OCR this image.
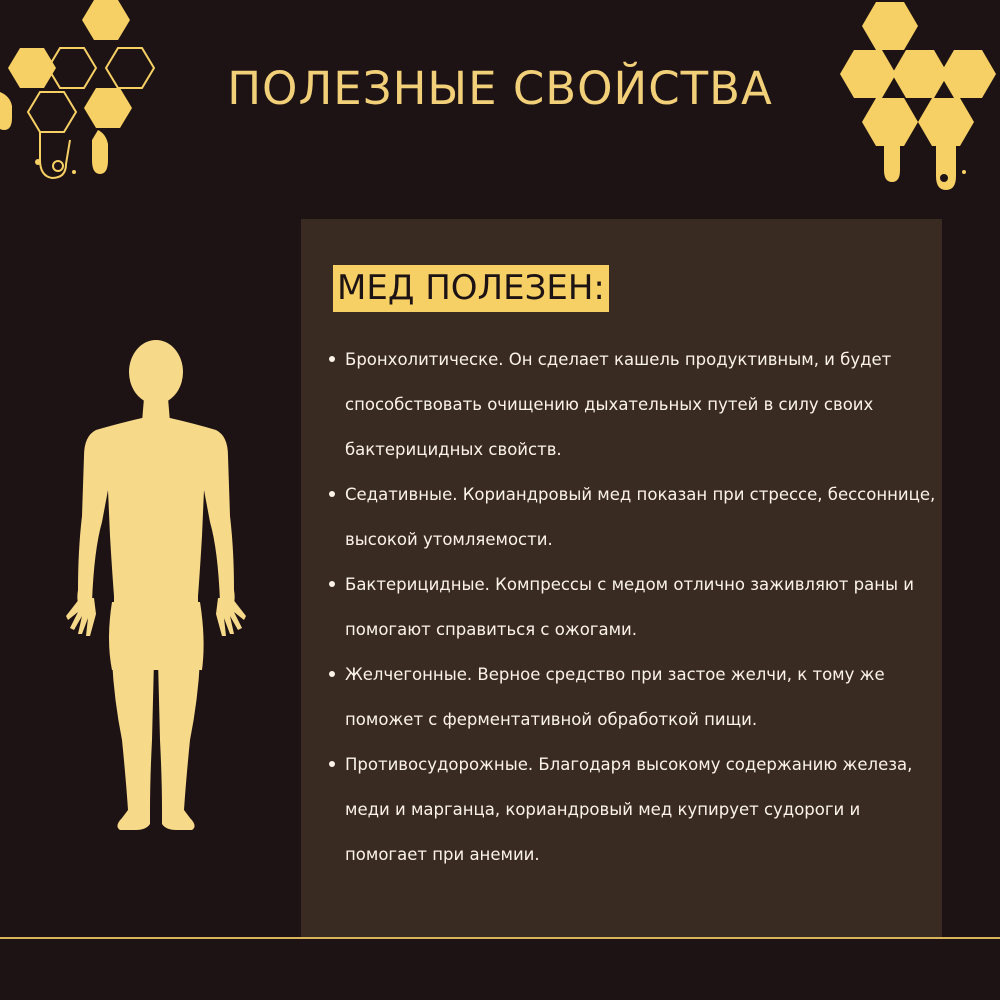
ПОЛЕЗНЫЕ СВОЙСТВА
МЕД ПОЛЕЗЕН:
Бронхолитическе. Он сделает кашель продуктивным, и будет способствовать очищению дыхательных путей в силу своих бактерицидных свойств.
Седативные. Кориандровый мед показан при стрессе, бессоннице, высокой утомляемости.
Бактерицидные. Компрессы с медом отлично заживляют раны и помогают справиться с ожогами.
Желчегонные. Верное средство при застое желчи, к тому же поможет с ферментативной обработкой пищи.
Противосудорожные. Благодаря высокому содержанию железа, меди и марганца, кориандровый мед купирует судороги и помогает при анемии.
